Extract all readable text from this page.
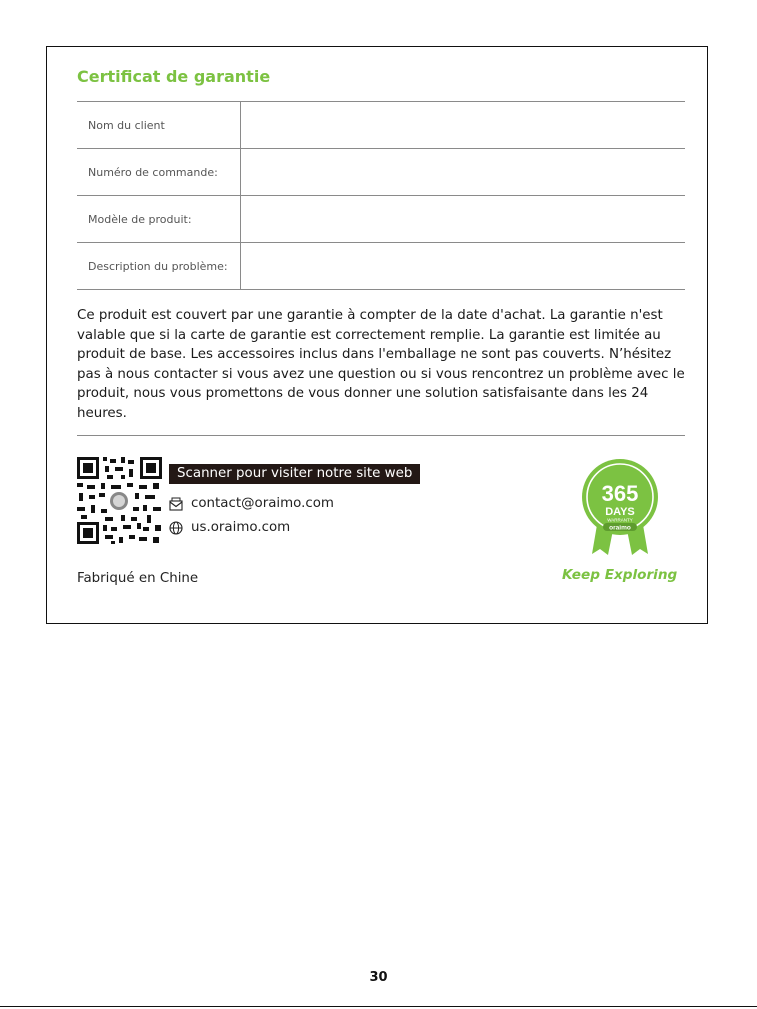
Certificat de garantie
Nom du client
Numéro de commande:
Modèle de produit:
Description du problème:
Ce produit est couvert par une garantie à compter de la date d'achat. La garantie n'est valable que si la carte de garantie est correctement remplie. La garantie est limitée au produit de base. Les accessoires inclus dans l'emballage ne sont pas couverts. N’hésitez pas à nous contacter si vous avez une question ou si vous rencontrez un problème avec le produit, nous vous promettons de vous donner une solution satisfaisante dans les 24 heures.
Scanner pour visiter notre site web
contact@oraimo.com
us.oraimo.com
Fabriqué en Chine
365
DAYS
WARRANTY
oraimo
Keep Exploring
30
